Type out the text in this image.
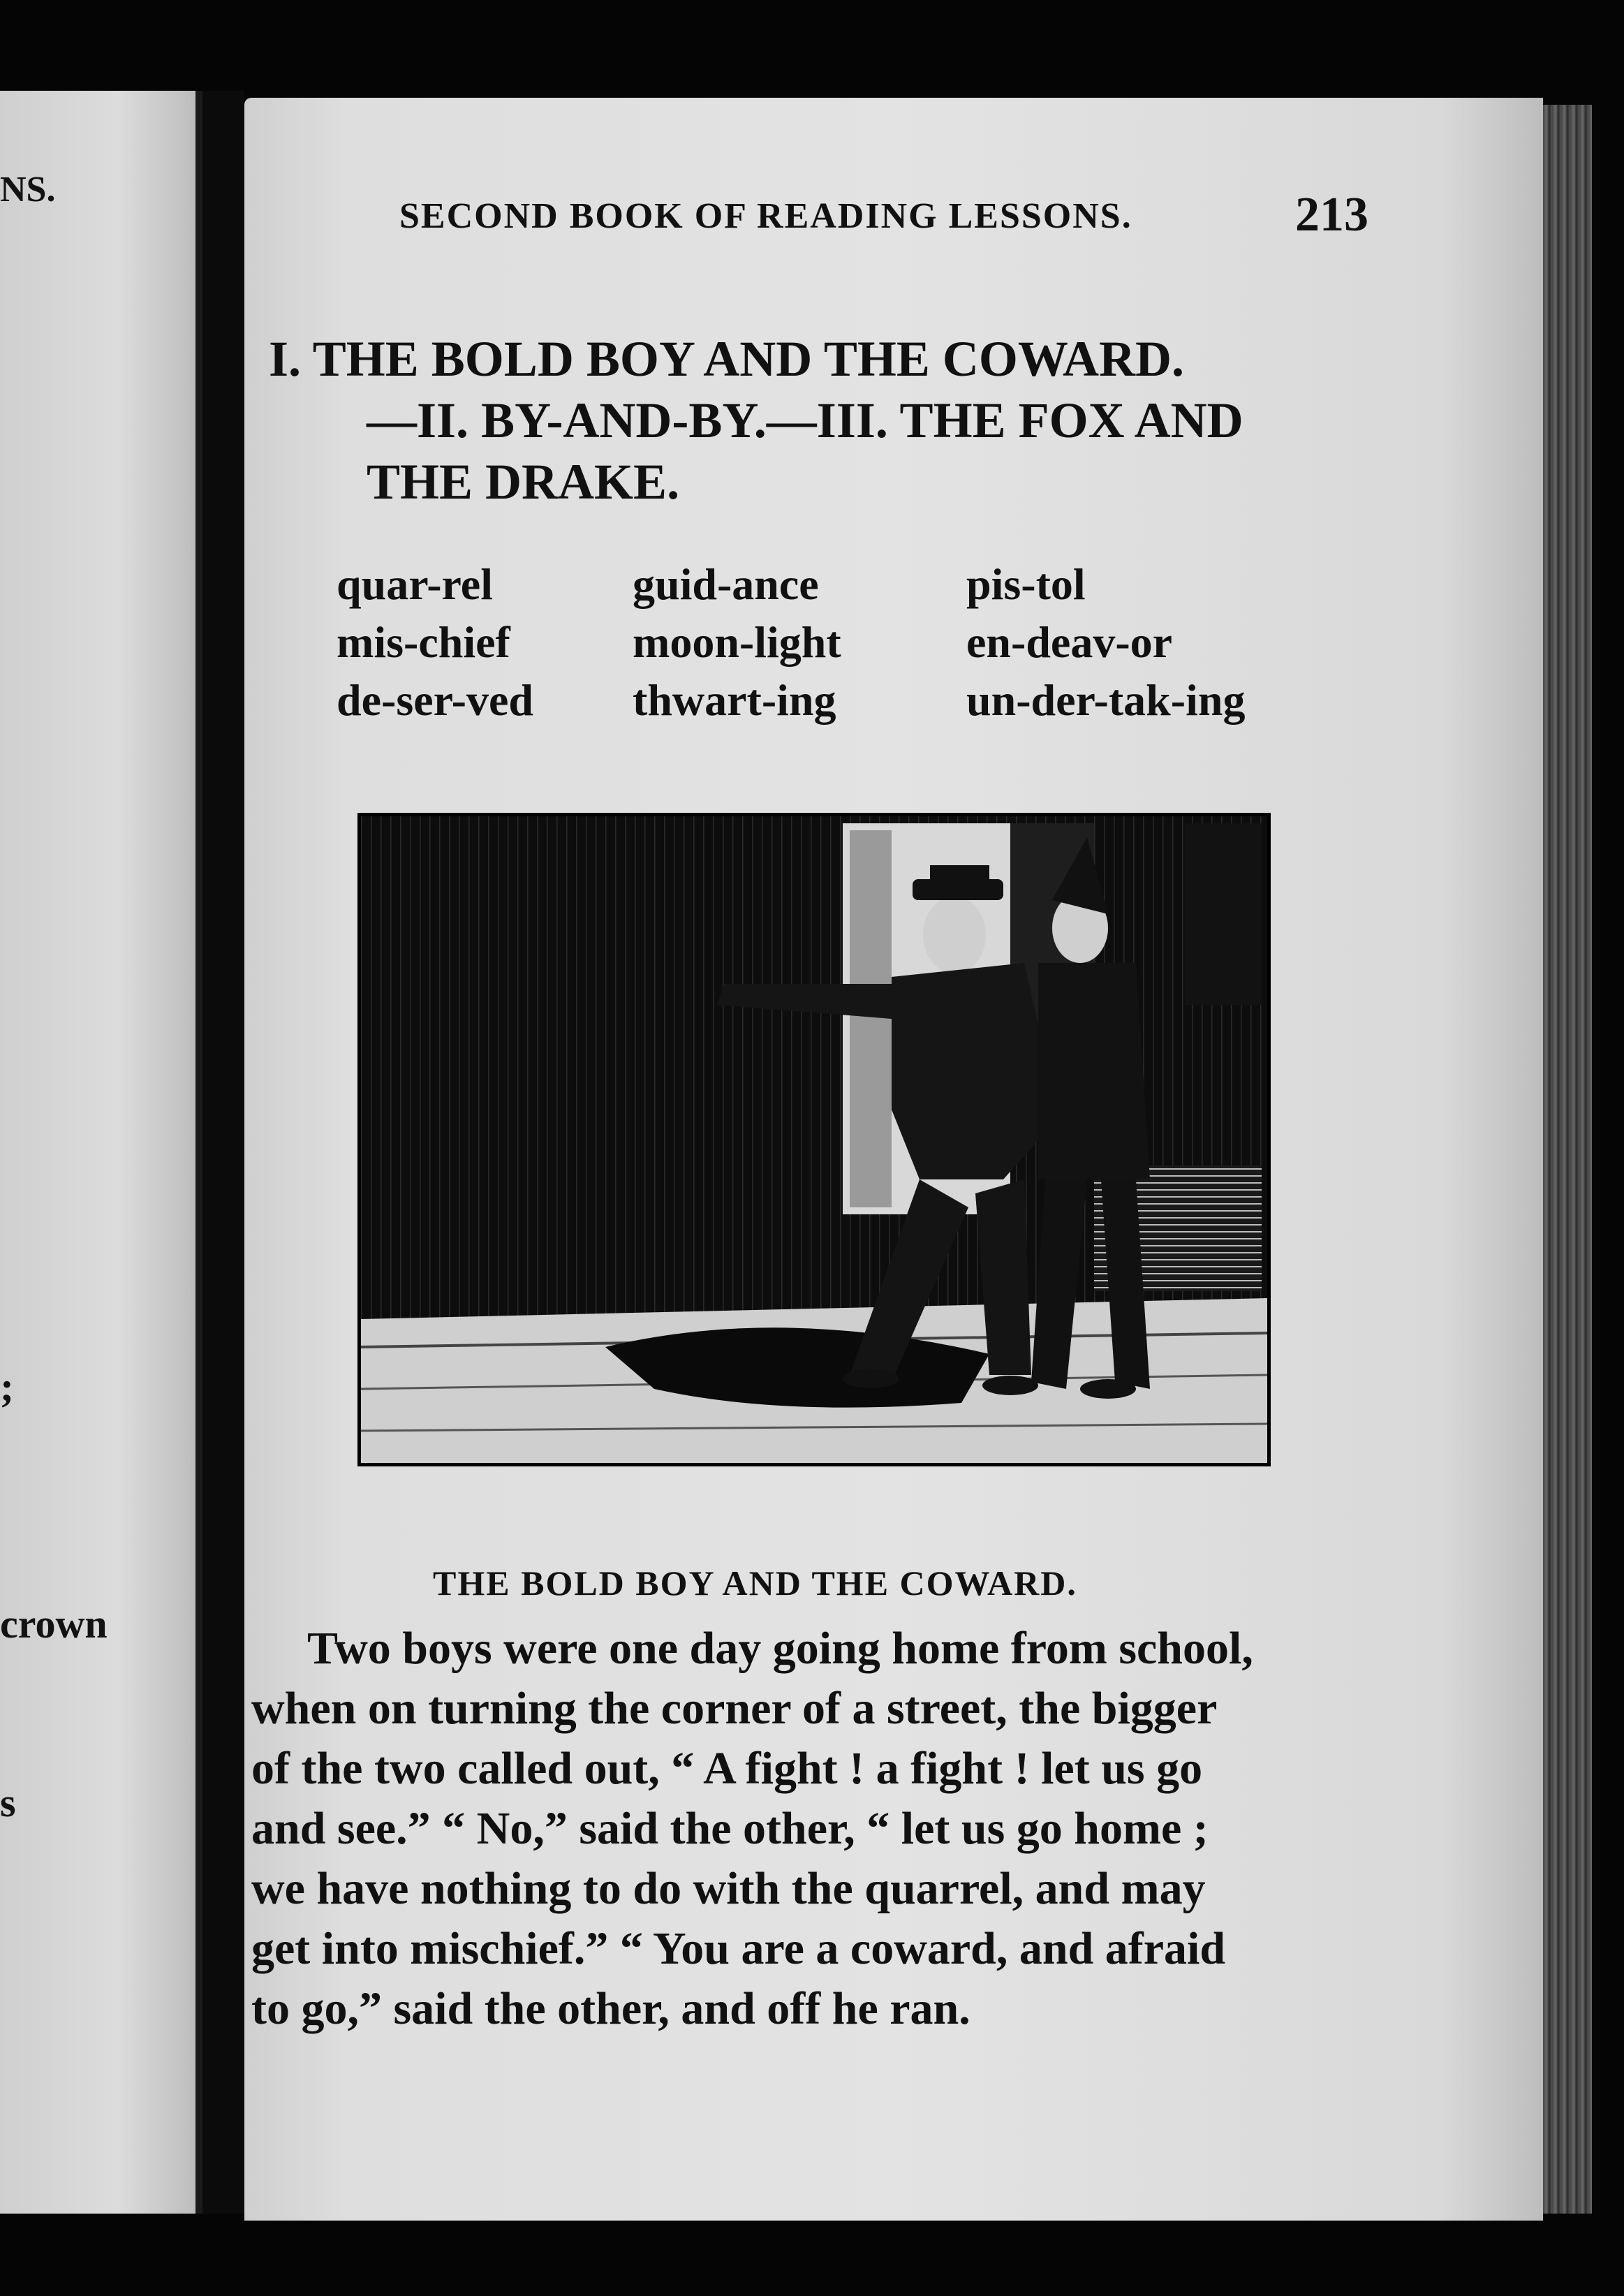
NS.
;
crown
s
SECOND BOOK OF READING LESSONS.	213
I. THE BOLD BOY AND THE COWARD.
—II. BY-AND-BY.—III. THE FOX AND
THE DRAKE.
quar-rel
mis-chief
de-ser-ved
guid-ance
moon-light
thwart-ing
pis-tol
en-deav-or
un-der-tak-ing
THE BOLD BOY AND THE COWARD.
Two boys were one day going home from school,
when on turning the corner of a street, the bigger
of the two called out, “ A fight ! a fight ! let us go
and see.” “ No,” said the other, “ let us go home ;
we have nothing to do with the quarrel, and may
get into mischief.” “ You are a coward, and afraid
to go,” said the other, and off he ran.
